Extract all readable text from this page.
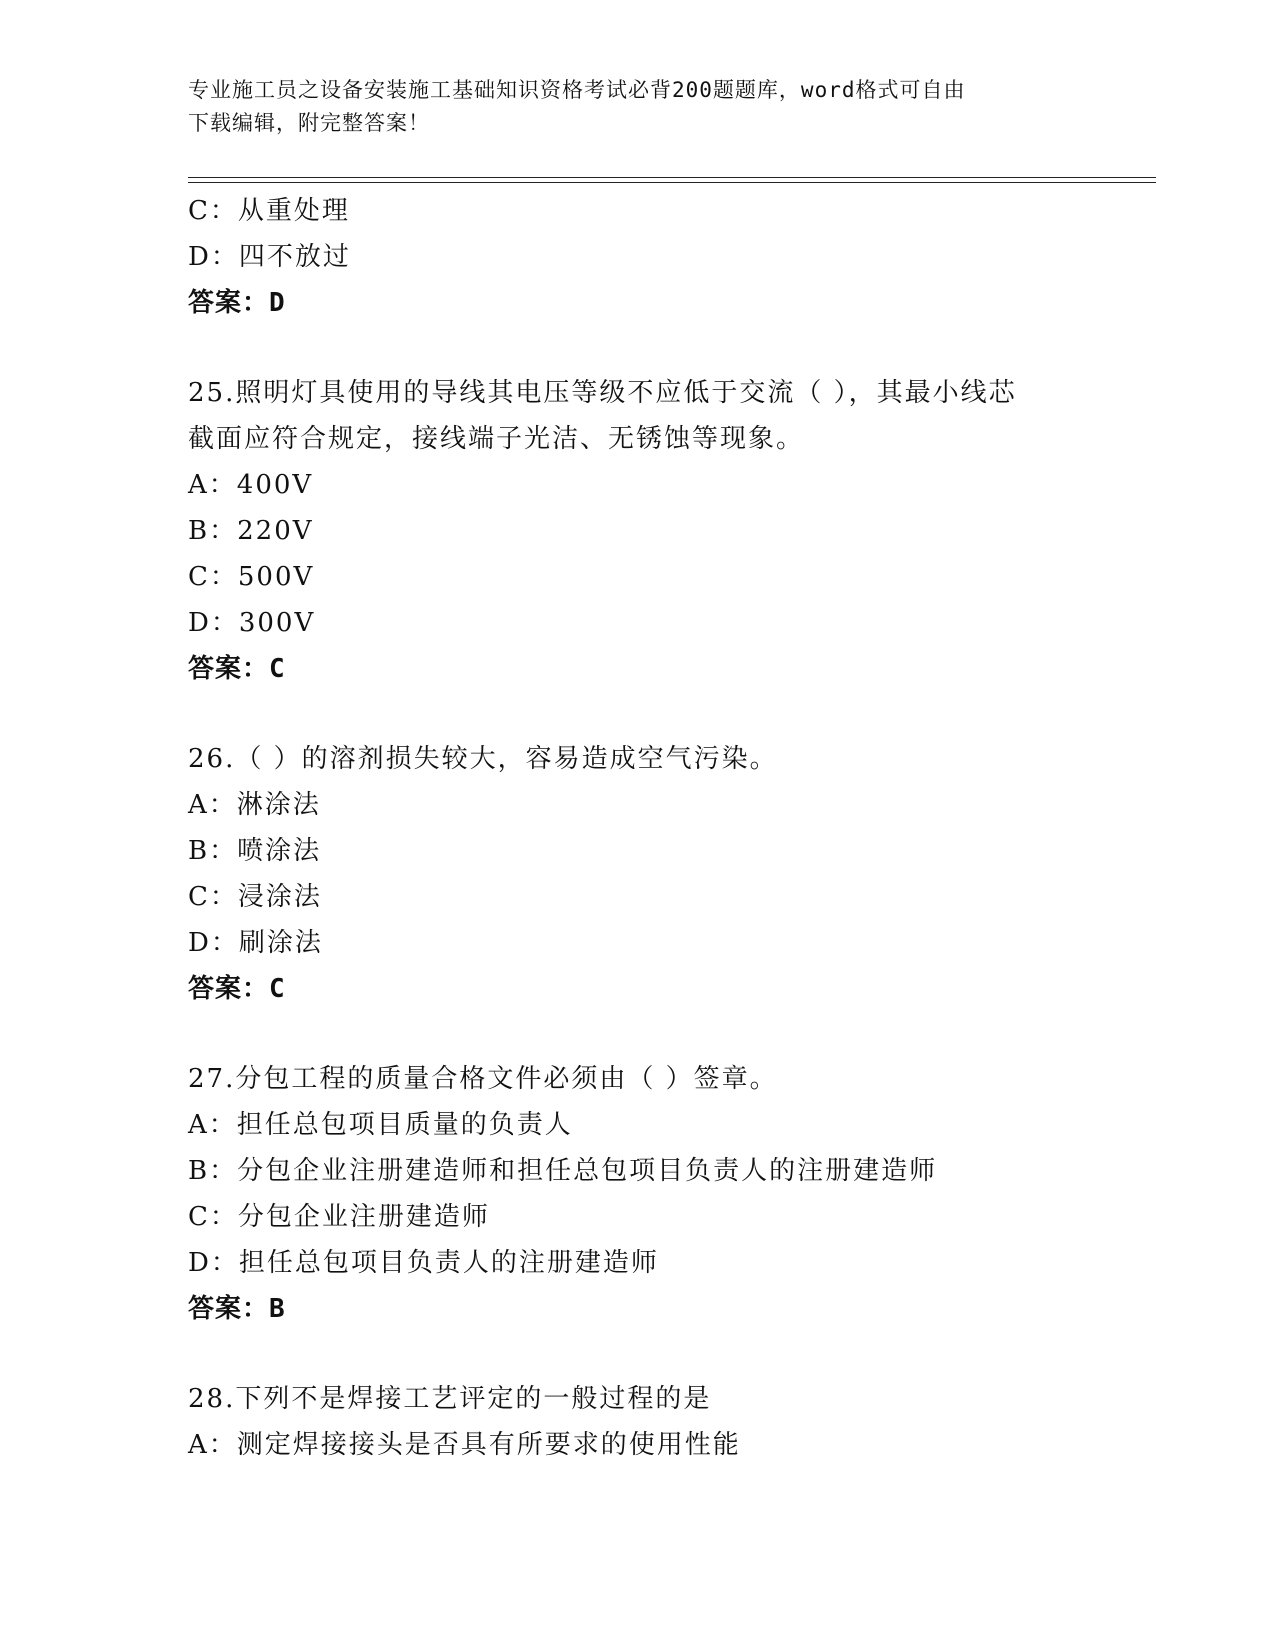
专业施工员之设备安装施工基础知识资格考试必背200题题库，word格式可自由
下载编辑，附完整答案！
C：从重处理
D：四不放过
答案：D
25.照明灯具使用的导线其电压等级不应低于交流（ ），其最小线芯
截面应符合规定，接线端子光洁、无锈蚀等现象。
A：400V
B：220V
C：500V
D：300V
答案：C
26.（ ）的溶剂损失较大，容易造成空气污染。
A：淋涂法
B：喷涂法
C：浸涂法
D：刷涂法
答案：C
27.分包工程的质量合格文件必须由（ ）签章。
A：担任总包项目质量的负责人
B：分包企业注册建造师和担任总包项目负责人的注册建造师
C：分包企业注册建造师
D：担任总包项目负责人的注册建造师
答案：B
28.下列不是焊接工艺评定的一般过程的是
A：测定焊接接头是否具有所要求的使用性能
